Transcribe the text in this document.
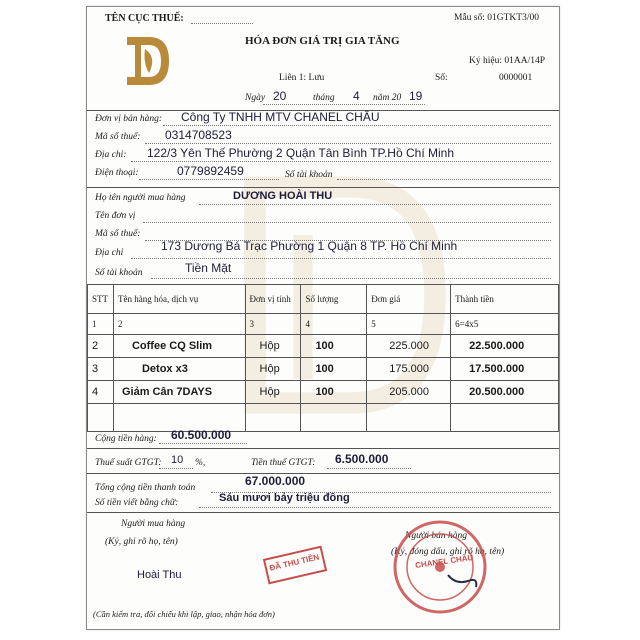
TÊN CỤC THUẾ:	Mẫu số: 01GTKT3/00
HÓA ĐƠN GIÁ TRỊ GIA TĂNG
Ký hiệu: 01AA/14P
Liên 1: Lưu	Số:	0000001
Ngày 20	tháng 4 năm 20 19
Đơn vị bán hàng: Công Ty TNHH MTV CHANEL CHÂU
Mã số thuế: 0314708523
Địa chỉ: 122/3 Yên Thế Phường 2 Quận Tân Bình TP.Hồ Chí Minh
Điện thoại:	0779892459	Số tài khoản
Họ tên người mua hàng	DƯƠNG HOÀI THU
Tên đơn vị
Mã số thuế:
173 Dương Bá Trạc Phường 1 Quận 8 TP. Hồ Chí Minh
Địa chỉ
Số tài khoản	Tiền Mặt
STT	Tên hàng hóa, dịch vụ	Đơn vị tính	Số lượng	Đơn giá	Thành tiền
1	2	3	4	5	6=4x5
2	Coffee CQ Slim	Hộp	100	225.000	22.500.000
3	Detox x3	Hộp	100	175.000	17.500.000
4	Giảm Cân 7DAYS	Hộp	100	205.000	20.500.000

Cộng tiền hàng: 60.500.000
Thuế suất GTGT: 10 %,	Tiền thuế GTGT: 6.500.000
Tổng cộng tiền thanh toán	67.000.000
Số tiền viết bằng chữ:	Sáu mươi bảy triệu đồng
Người mua hàng
(Ký, ghi rõ họ, tên)
Hoài Thu
ĐÃ THU TIỀN
Người bán hàng
(Ký, đóng dấu, ghi rõ họ, tên)
CHANEL CHÂU
(Cần kiểm tra, đối chiếu khi lập, giao, nhận hóa đơn)
